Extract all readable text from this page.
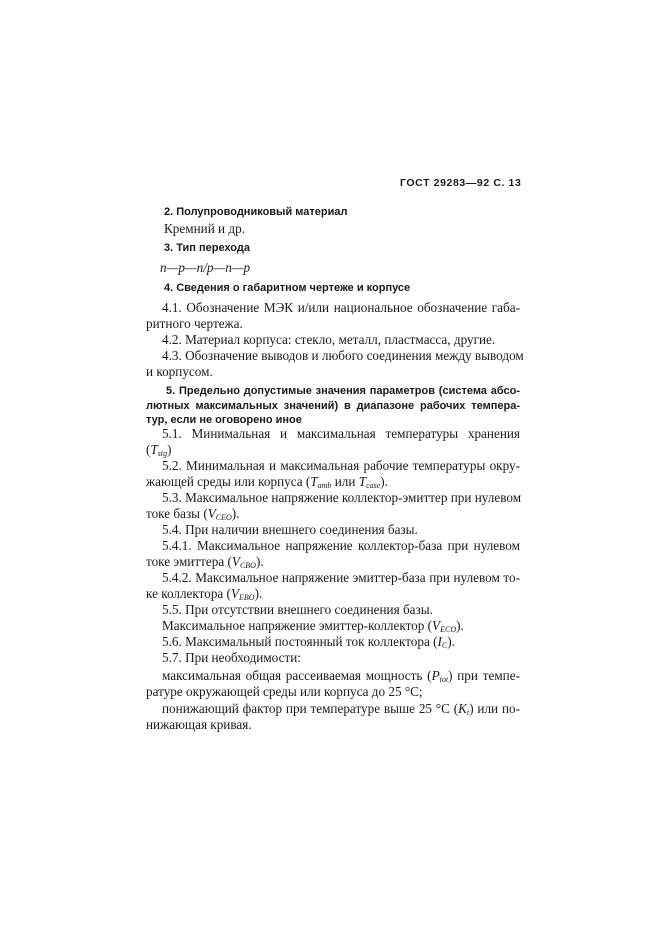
ГОСТ 29283—92 С. 13
2. Полупроводниковый материал
Кремний и др.
3. Тип перехода
n—p—n/p—n—p
4. Сведения о габаритном чертеже и корпусе
4.1. Обозначение МЭК и/или национальное обозначение габа-
ритного чертежа.
4.2. Материал корпуса: стекло, металл, пластмасса, другие.
4.3. Обозначение выводов и любого соединения между выводом
и корпусом.
5. Предельно допустимые значения параметров (система абсо-
лютных максимальных значений) в диапазоне рабочих темпера-
тур, если не оговорено иное
5.1. Минимальная и максимальная температуры хранения
$(T_{stg})$
5.2. Минимальная и максимальная рабочие температуры окру-
жающей среды или корпуса ($T_{amb}$ или $T_{case}$).
5.3. Максимальное напряжение коллектор-эмиттер при нулевом
токе базы $(V_{CEO})$.
5.4. При наличии внешнего соединения базы.
5.4.1. Максимальное напряжение коллектор-база при нулевом
токе эмиттера $(V_{CBO})$.
5.4.2. Максимальное напряжение эмиттер-база при нулевом то-
ке коллектора $(V_{EBO})$.
5.5. При отсутствии внешнего соединения базы.
Максимальное напряжение эмиттер-коллектор $(V_{ECO})$.
5.6. Максимальный постоянный ток коллектора $(I_C)$.
5.7. При необходимости:
максимальная общая рассеиваемая мощность $(P_{tot})$ при темпе-
ратуре окружающей среды или корпуса до 25 °C;
понижающий фактор при температуре выше 25 °C $(K_t)$ или по-
нижающая кривая.
